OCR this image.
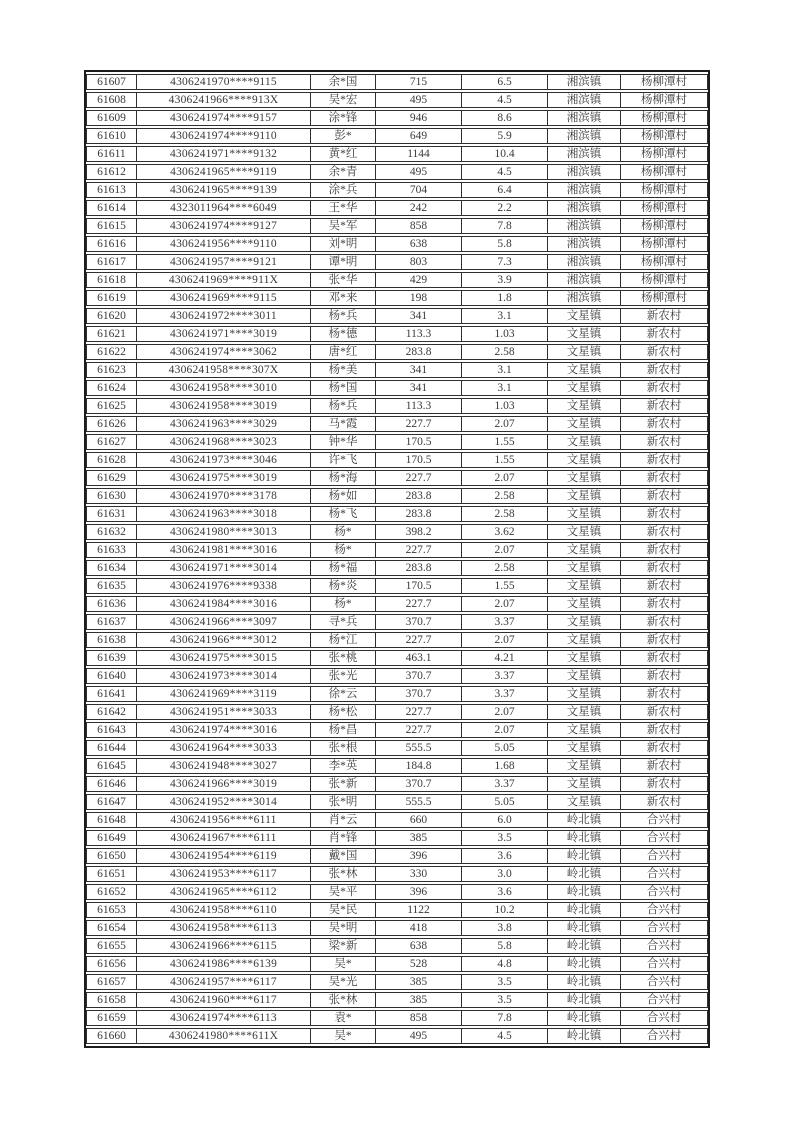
61607	4306241970****9115	余*国	715	6.5	湘滨镇	杨柳潭村
61608	4306241966****913X	吴*宏	495	4.5	湘滨镇	杨柳潭村
61609	4306241974****9157	涂*锋	946	8.6	湘滨镇	杨柳潭村
61610	4306241974****9110	彭*	649	5.9	湘滨镇	杨柳潭村
61611	4306241971****9132	黄*红	1144	10.4	湘滨镇	杨柳潭村
61612	4306241965****9119	余*青	495	4.5	湘滨镇	杨柳潭村
61613	4306241965****9139	涂*兵	704	6.4	湘滨镇	杨柳潭村
61614	4323011964****6049	王*华	242	2.2	湘滨镇	杨柳潭村
61615	4306241974****9127	吴*军	858	7.8	湘滨镇	杨柳潭村
61616	4306241956****9110	刘*明	638	5.8	湘滨镇	杨柳潭村
61617	4306241957****9121	谭*明	803	7.3	湘滨镇	杨柳潭村
61618	4306241969****911X	张*华	429	3.9	湘滨镇	杨柳潭村
61619	4306241969****9115	邓*来	198	1.8	湘滨镇	杨柳潭村
61620	4306241972****3011	杨*兵	341	3.1	文星镇	新农村
61621	4306241971****3019	杨*德	113.3	1.03	文星镇	新农村
61622	4306241974****3062	唐*红	283.8	2.58	文星镇	新农村
61623	4306241958****307X	杨*美	341	3.1	文星镇	新农村
61624	4306241958****3010	杨*国	341	3.1	文星镇	新农村
61625	4306241958****3019	杨*兵	113.3	1.03	文星镇	新农村
61626	4306241963****3029	马*霞	227.7	2.07	文星镇	新农村
61627	4306241968****3023	钟*华	170.5	1.55	文星镇	新农村
61628	4306241973****3046	许*飞	170.5	1.55	文星镇	新农村
61629	4306241975****3019	杨*海	227.7	2.07	文星镇	新农村
61630	4306241970****3178	杨*如	283.8	2.58	文星镇	新农村
61631	4306241963****3018	杨*飞	283.8	2.58	文星镇	新农村
61632	4306241980****3013	杨*	398.2	3.62	文星镇	新农村
61633	4306241981****3016	杨*	227.7	2.07	文星镇	新农村
61634	4306241971****3014	杨*福	283.8	2.58	文星镇	新农村
61635	4306241976****9338	杨*炎	170.5	1.55	文星镇	新农村
61636	4306241984****3016	杨*	227.7	2.07	文星镇	新农村
61637	4306241966****3097	寻*兵	370.7	3.37	文星镇	新农村
61638	4306241966****3012	杨*江	227.7	2.07	文星镇	新农村
61639	4306241975****3015	张*桃	463.1	4.21	文星镇	新农村
61640	4306241973****3014	张*光	370.7	3.37	文星镇	新农村
61641	4306241969****3119	徐*云	370.7	3.37	文星镇	新农村
61642	4306241951****3033	杨*松	227.7	2.07	文星镇	新农村
61643	4306241974****3016	杨*昌	227.7	2.07	文星镇	新农村
61644	4306241964****3033	张*根	555.5	5.05	文星镇	新农村
61645	4306241948****3027	李*英	184.8	1.68	文星镇	新农村
61646	4306241966****3019	张*新	370.7	3.37	文星镇	新农村
61647	4306241952****3014	张*明	555.5	5.05	文星镇	新农村
61648	4306241956****6111	肖*云	660	6.0	岭北镇	合兴村
61649	4306241967****6111	肖*锋	385	3.5	岭北镇	合兴村
61650	4306241954****6119	戴*国	396	3.6	岭北镇	合兴村
61651	4306241953****6117	张*林	330	3.0	岭北镇	合兴村
61652	4306241965****6112	吴*平	396	3.6	岭北镇	合兴村
61653	4306241958****6110	吴*民	1122	10.2	岭北镇	合兴村
61654	4306241958****6113	吴*明	418	3.8	岭北镇	合兴村
61655	4306241966****6115	梁*新	638	5.8	岭北镇	合兴村
61656	4306241986****6139	吴*	528	4.8	岭北镇	合兴村
61657	4306241957****6117	吴*光	385	3.5	岭北镇	合兴村
61658	4306241960****6117	张*林	385	3.5	岭北镇	合兴村
61659	4306241974****6113	袁*	858	7.8	岭北镇	合兴村
61660	4306241980****611X	吴*	495	4.5	岭北镇	合兴村
